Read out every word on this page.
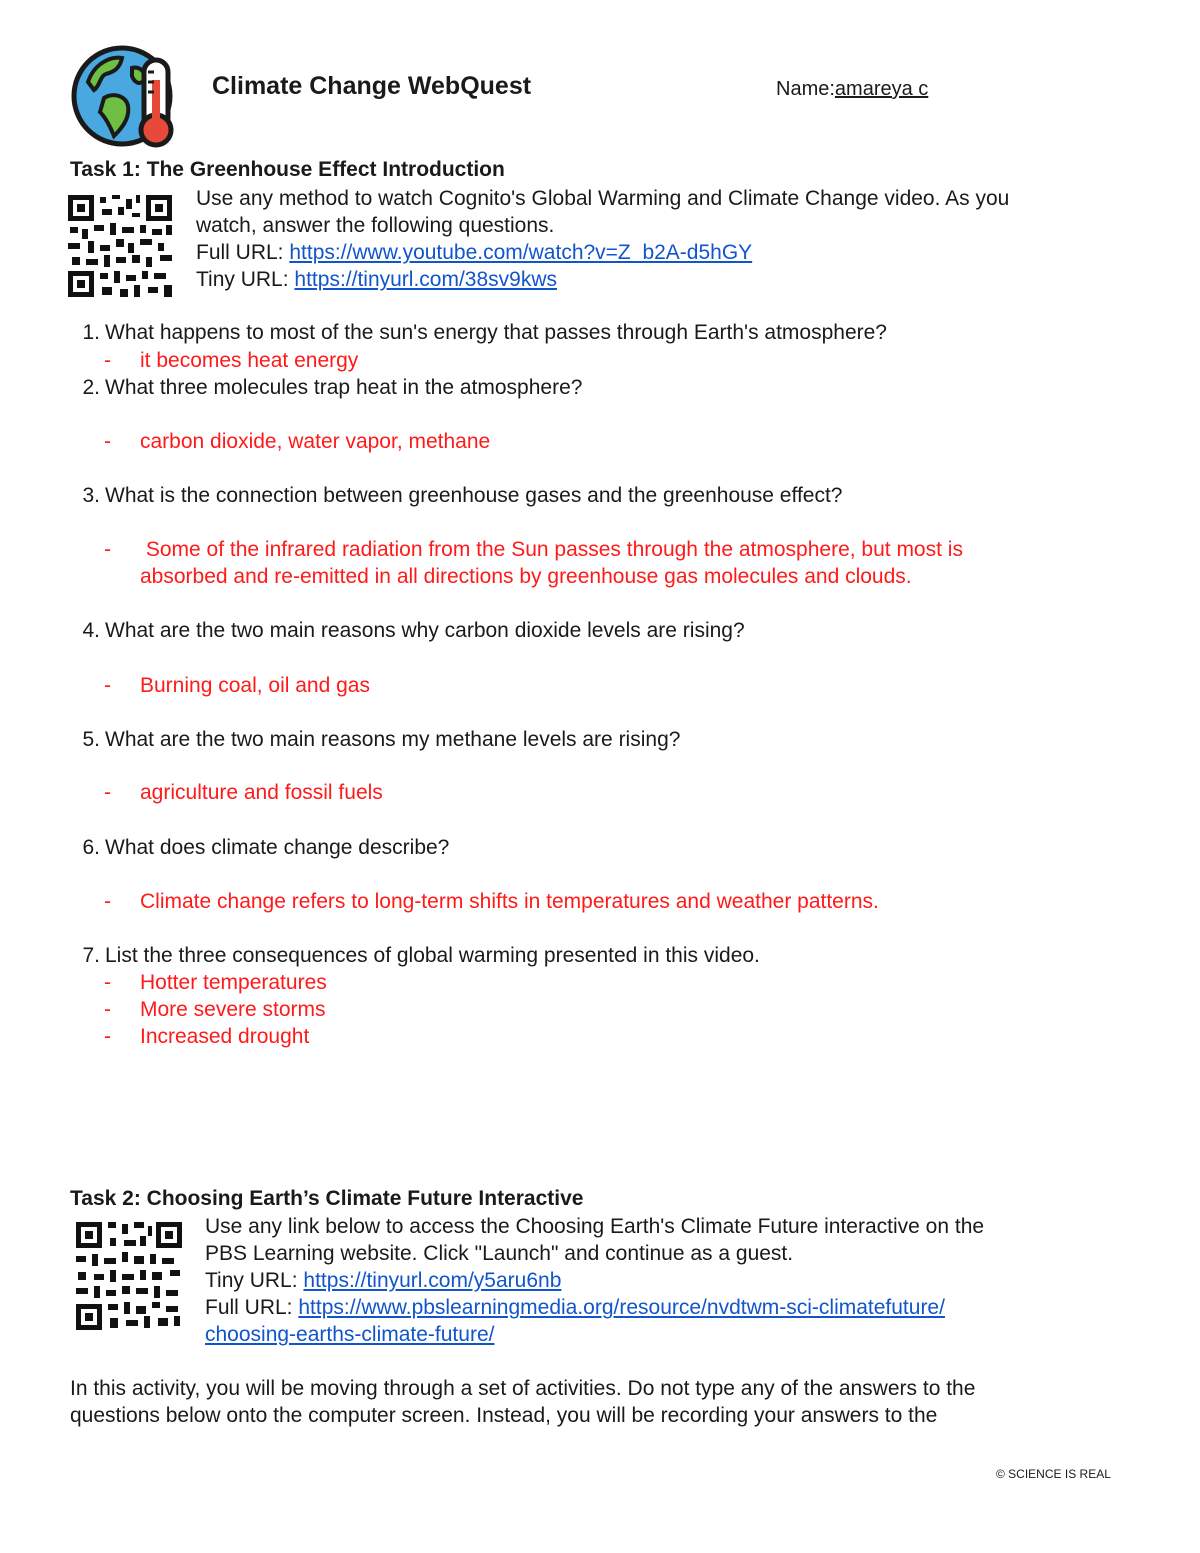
Climate Change WebQuest	Name:amareya c
Task 1: The Greenhouse Effect Introduction
Use any method to watch Cognito's Global Warming and Climate Change video. As you
watch, answer the following questions.
Full URL: https://www.youtube.com/watch?v=Z_b2A-d5hGY
Tiny URL: https://tinyurl.com/38sv9kws
1. What happens to most of the sun's energy that passes through Earth's atmosphere?
- it becomes heat energy
2. What three molecules trap heat in the atmosphere?
- carbon dioxide, water vapor, methane
3. What is the connection between greenhouse gases and the greenhouse effect?
- Some of the infrared radiation from the Sun passes through the atmosphere, but most is
absorbed and re-emitted in all directions by greenhouse gas molecules and clouds.
4. What are the two main reasons why carbon dioxide levels are rising?
- Burning coal, oil and gas
5. What are the two main reasons my methane levels are rising?
- agriculture and fossil fuels
6. What does climate change describe?
- Climate change refers to long-term shifts in temperatures and weather patterns.
7. List the three consequences of global warming presented in this video.
- Hotter temperatures
- More severe storms
- Increased drought
Task 2: Choosing Earth’s Climate Future Interactive
Use any link below to access the Choosing Earth's Climate Future interactive on the
PBS Learning website. Click "Launch" and continue as a guest.
Tiny URL: https://tinyurl.com/y5aru6nb
Full URL: https://www.pbslearningmedia.org/resource/nvdtwm-sci-climatefuture/
choosing-earths-climate-future/
In this activity, you will be moving through a set of activities. Do not type any of the answers to the
questions below onto the computer screen. Instead, you will be recording your answers to the
© SCIENCE IS REAL
